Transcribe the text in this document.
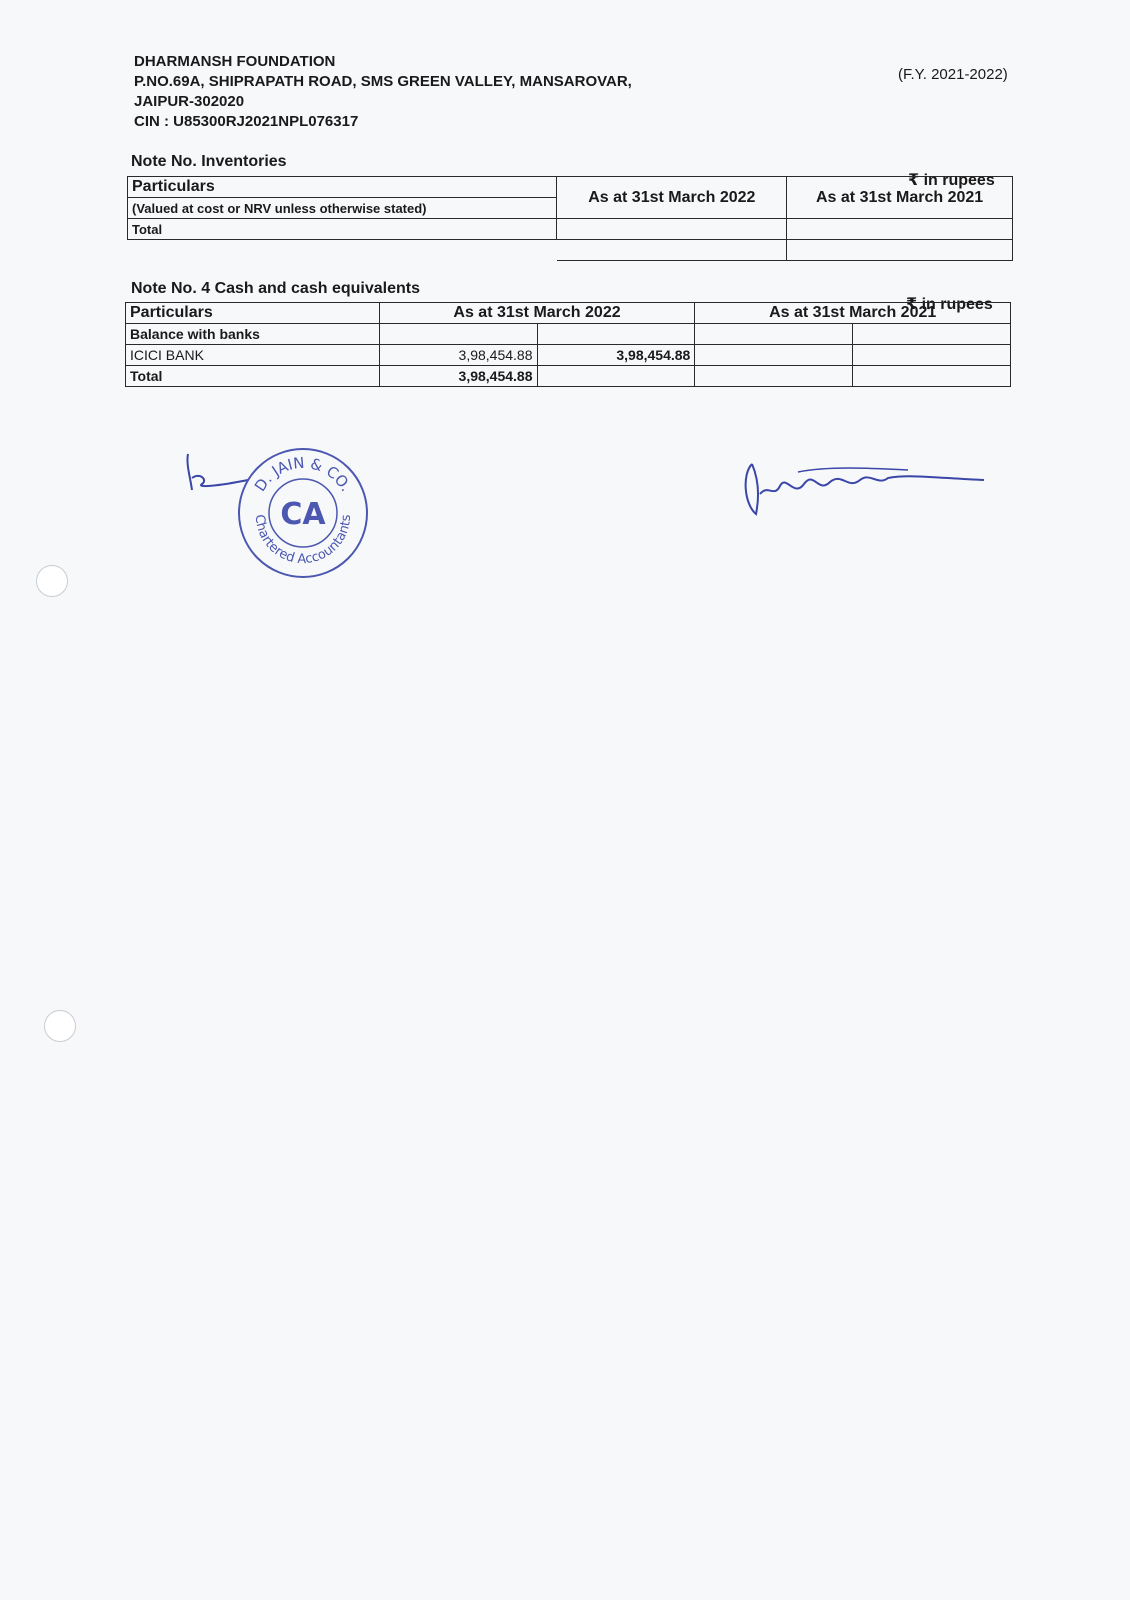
DHARMANSH FOUNDATION
P.NO.69A, SHIPRAPATH ROAD, SMS GREEN VALLEY, MANSAROVAR,
JAIPUR-302020
CIN : U85300RJ2021NPL076317
(F.Y. 2021-2022)
Note No. Inventories
₹ in rupees
Particulars	As at 31st March 2022	As at 31st March 2021
(Valued at cost or NRV unless otherwise stated)		
Total		

Note No. 4 Cash and cash equivalents
₹ in rupees
Particulars	As at 31st March 2022		As at 31st March 2021	
Balance with banks				
ICICI BANK	3,98,454.88	3,98,454.88		
Total	3,98,454.88			
D. JAIN & CO.
Chartered Accountants
CA
